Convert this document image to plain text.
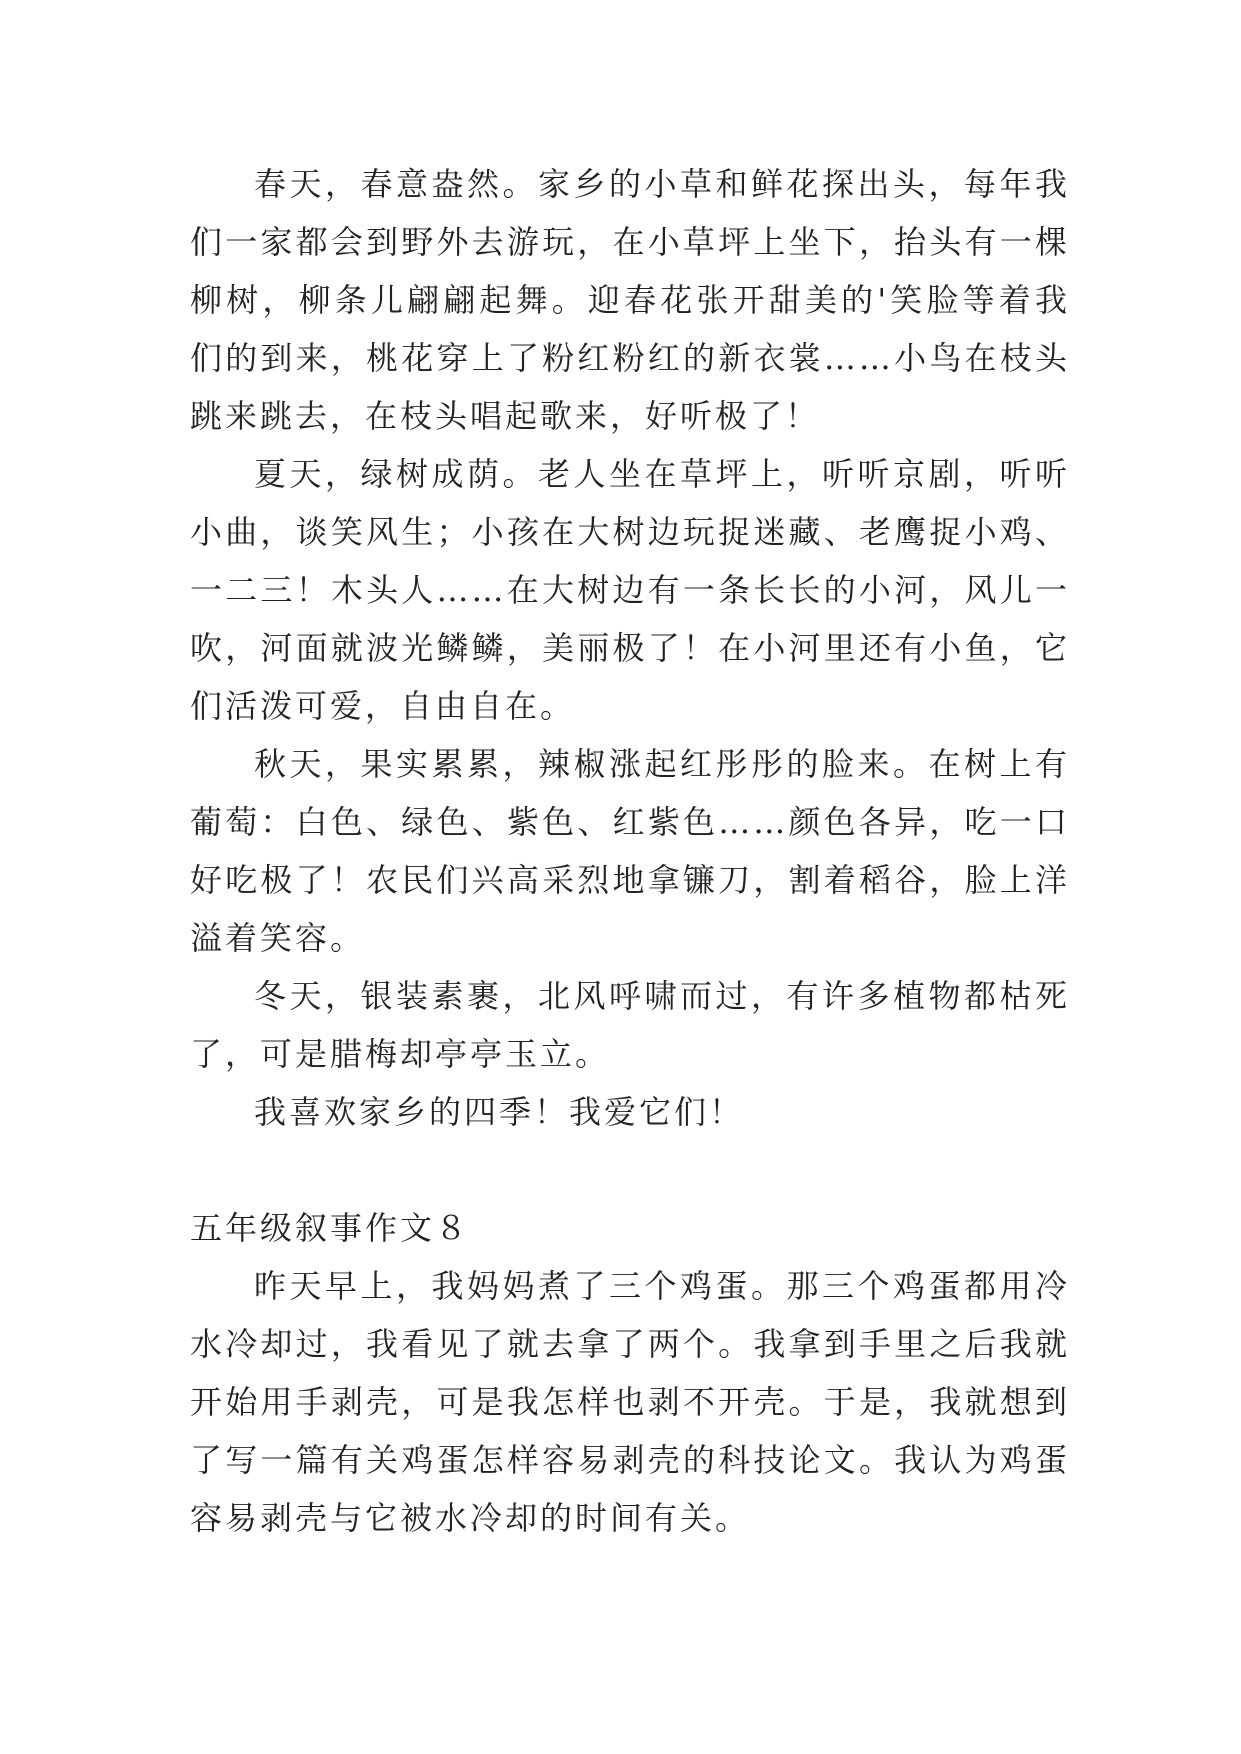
春天，春意盎然。家乡的小草和鲜花探出头，每年我们一家都会到野外去游玩，在小草坪上坐下，抬头有一棵柳树，柳条儿翩翩起舞。迎春花张开甜美的'笑脸等着我们的到来，桃花穿上了粉红粉红的新衣裳……小鸟在枝头跳来跳去，在枝头唱起歌来，好听极了！

夏天，绿树成荫。老人坐在草坪上，听听京剧，听听小曲，谈笑风生；小孩在大树边玩捉迷藏、老鹰捉小鸡、一二三！木头人……在大树边有一条长长的小河，风儿一吹，河面就波光鳞鳞，美丽极了！在小河里还有小鱼，它们活泼可爱，自由自在。

秋天，果实累累，辣椒涨起红彤彤的脸来。在树上有葡萄：白色、绿色、紫色、红紫色……颜色各异，吃一口好吃极了！农民们兴高采烈地拿镰刀，割着稻谷，脸上洋溢着笑容。

冬天，银装素裹，北风呼啸而过，有许多植物都枯死了，可是腊梅却亭亭玉立。

我喜欢家乡的四季！我爱它们！

五年级叙事作文８

昨天早上，我妈妈煮了三个鸡蛋。那三个鸡蛋都用冷水冷却过，我看见了就去拿了两个。我拿到手里之后我就开始用手剥壳，可是我怎样也剥不开壳。于是，我就想到了写一篇有关鸡蛋怎样容易剥壳的科技论文。我认为鸡蛋容易剥壳与它被水冷却的时间有关。
